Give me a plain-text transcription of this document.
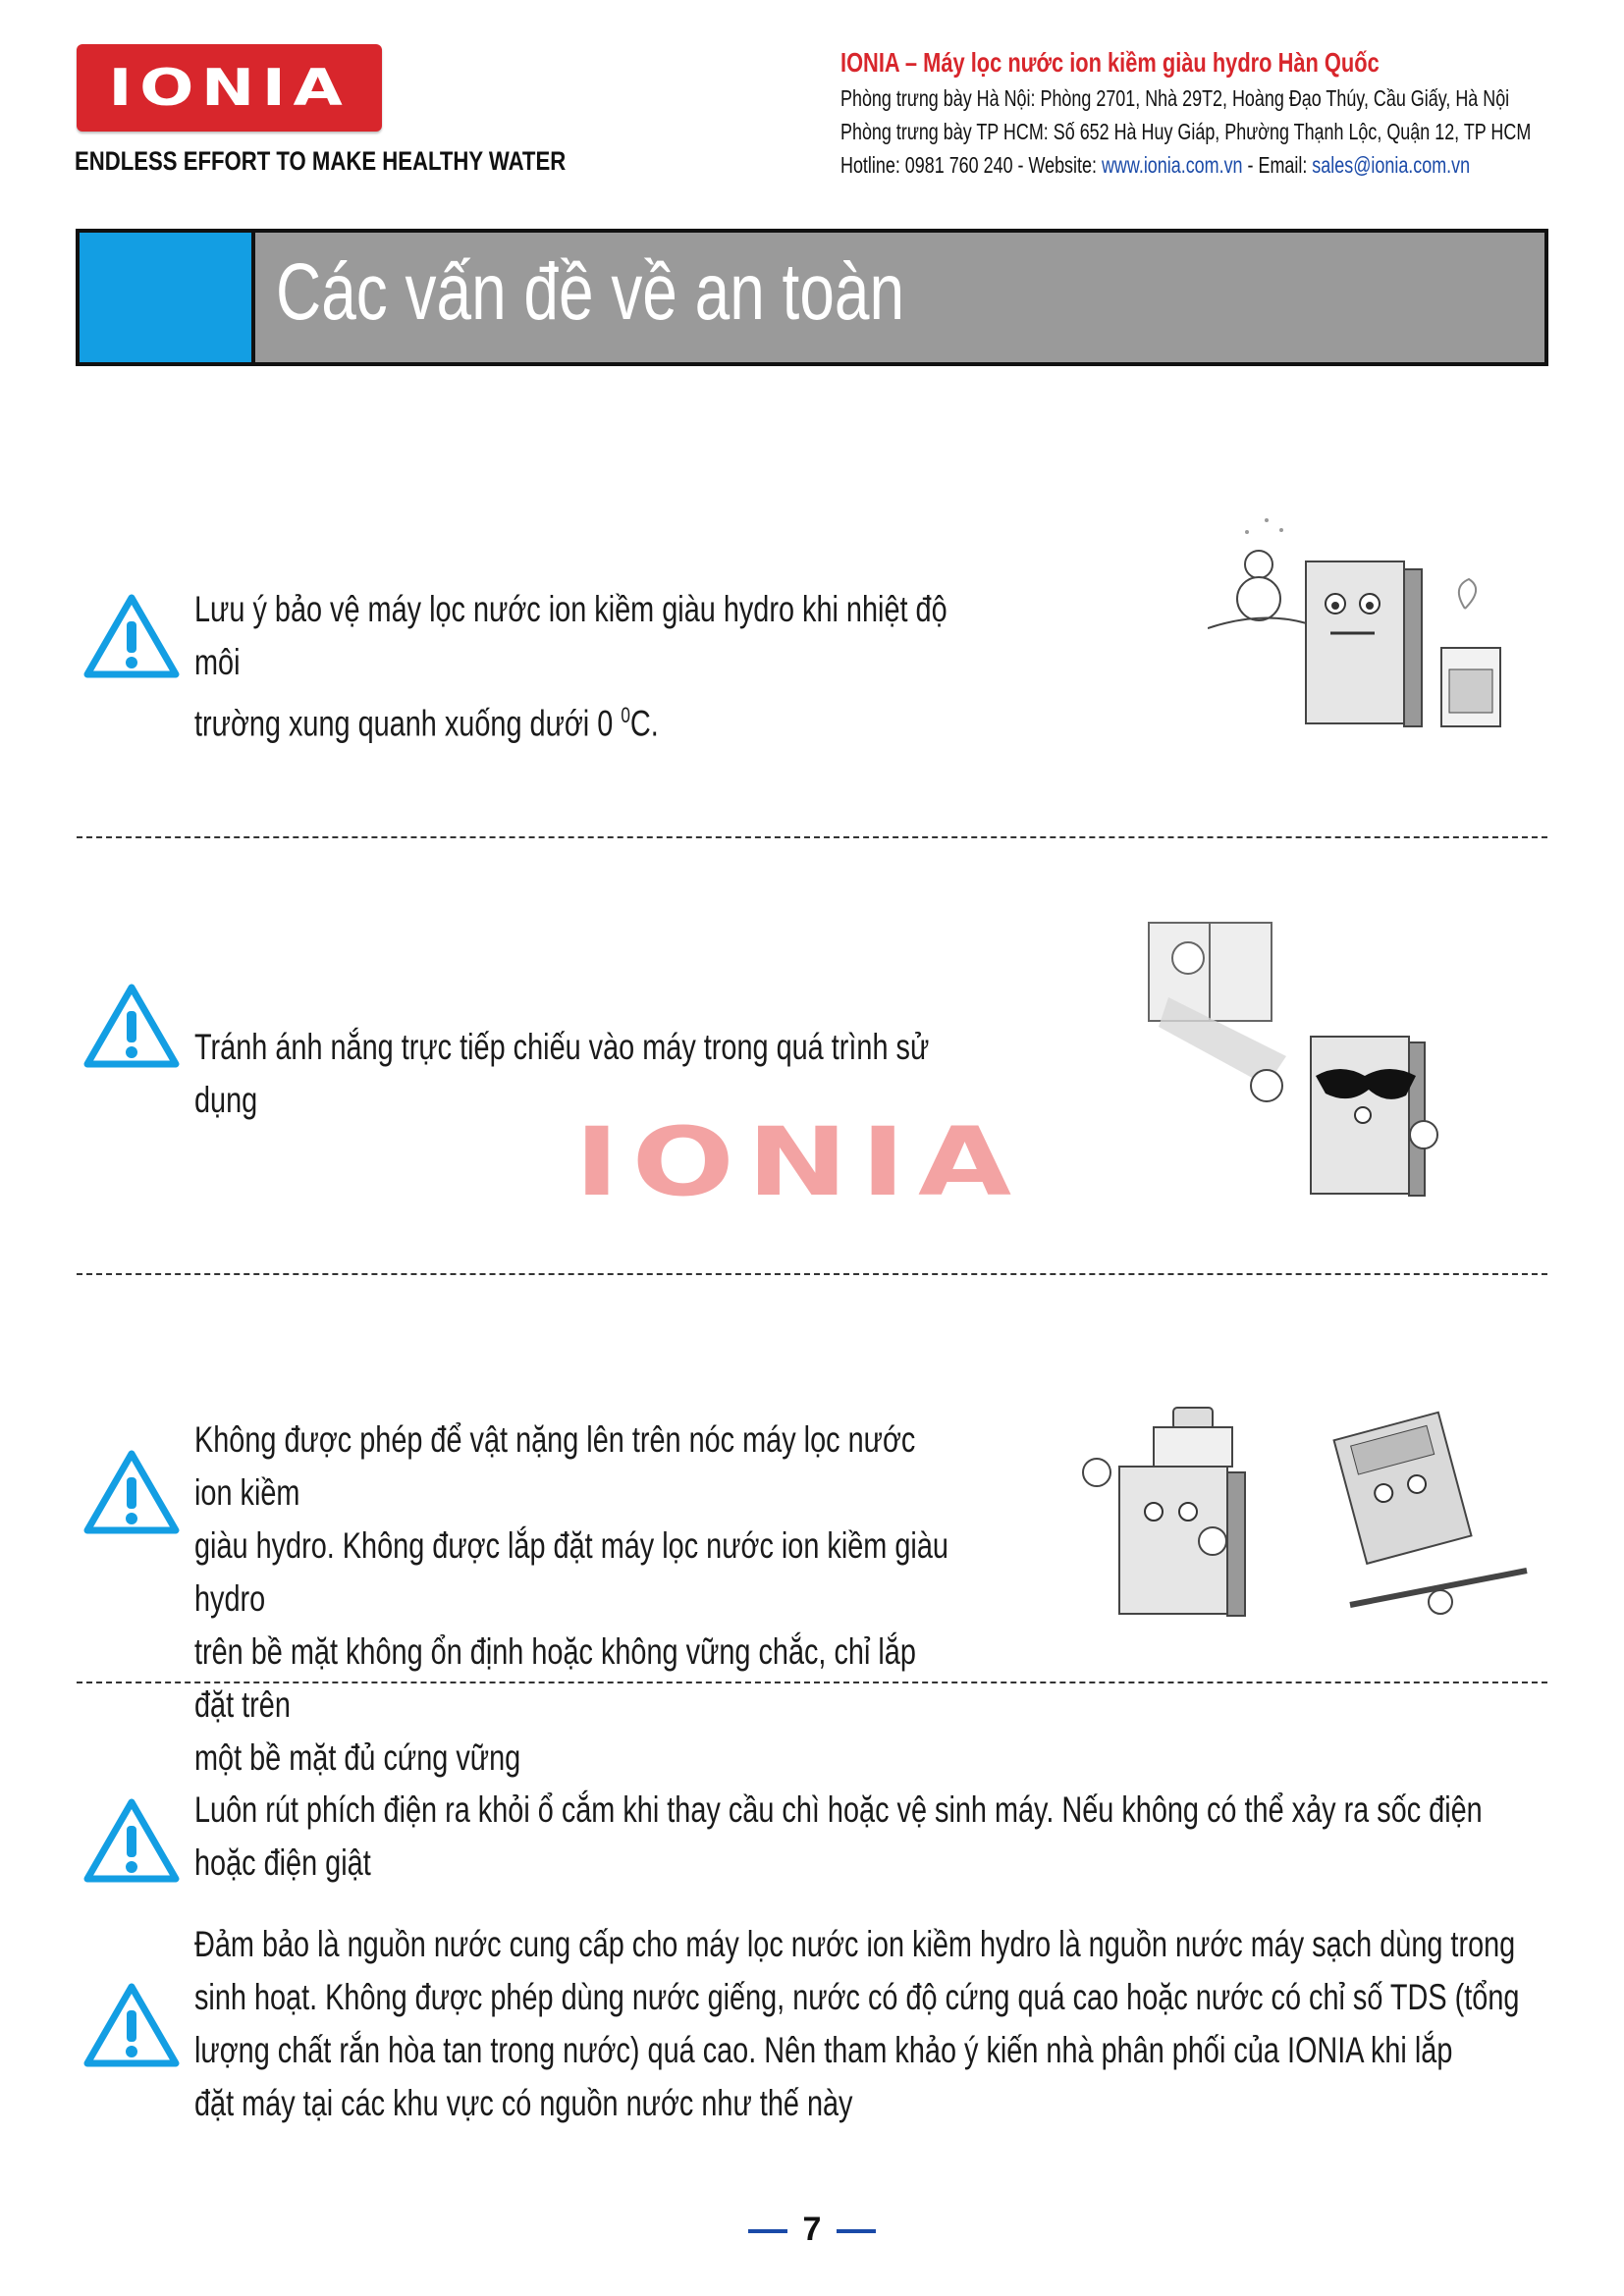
IONIA
ENDLESS EFFORT TO MAKE HEALTHY WATER
IONIA – Máy lọc nước ion kiềm giàu hydro Hàn Quốc
Phòng trưng bày Hà Nội: Phòng 2701, Nhà 29T2, Hoàng Đạo Thúy, Cầu Giấy, Hà Nội
Phòng trưng bày TP HCM: Số 652 Hà Huy Giáp, Phường Thạnh Lộc, Quận 12, TP HCM
Hotline: 0981 760 240 - Website: www.ionia.com.vn - Email: sales@ionia.com.vn
Các vấn đề về an toàn
Lưu ý bảo vệ máy lọc nước ion kiềm giàu hydro khi nhiệt độ môi
trường xung quanh xuống dưới 0 $^0$C.
Tránh ánh nắng trực tiếp chiếu vào máy trong quá trình sử dụng
IONIA
Không được phép để vật nặng lên trên nóc máy lọc nước ion kiềm
giàu hydro. Không được lắp đặt máy lọc nước ion kiềm giàu hydro
trên bề mặt không ổn định hoặc không vững chắc, chỉ lắp đặt trên
một bề mặt đủ cứng vững
Luôn rút phích điện ra khỏi ổ cắm khi thay cầu chì hoặc vệ sinh máy. Nếu không có thể xảy ra sốc điện
hoặc điện giật
Đảm bảo là nguồn nước cung cấp cho máy lọc nước ion kiềm hydro là nguồn nước máy sạch dùng trong
sinh hoạt. Không được phép dùng nước giếng, nước có độ cứng quá cao hoặc nước có chỉ số TDS (tổng
lượng chất rắn hòa tan trong nước) quá cao. Nên tham khảo ý kiến nhà phân phối của IONIA khi lắp
đặt máy tại các khu vực có nguồn nước như thế này
7
